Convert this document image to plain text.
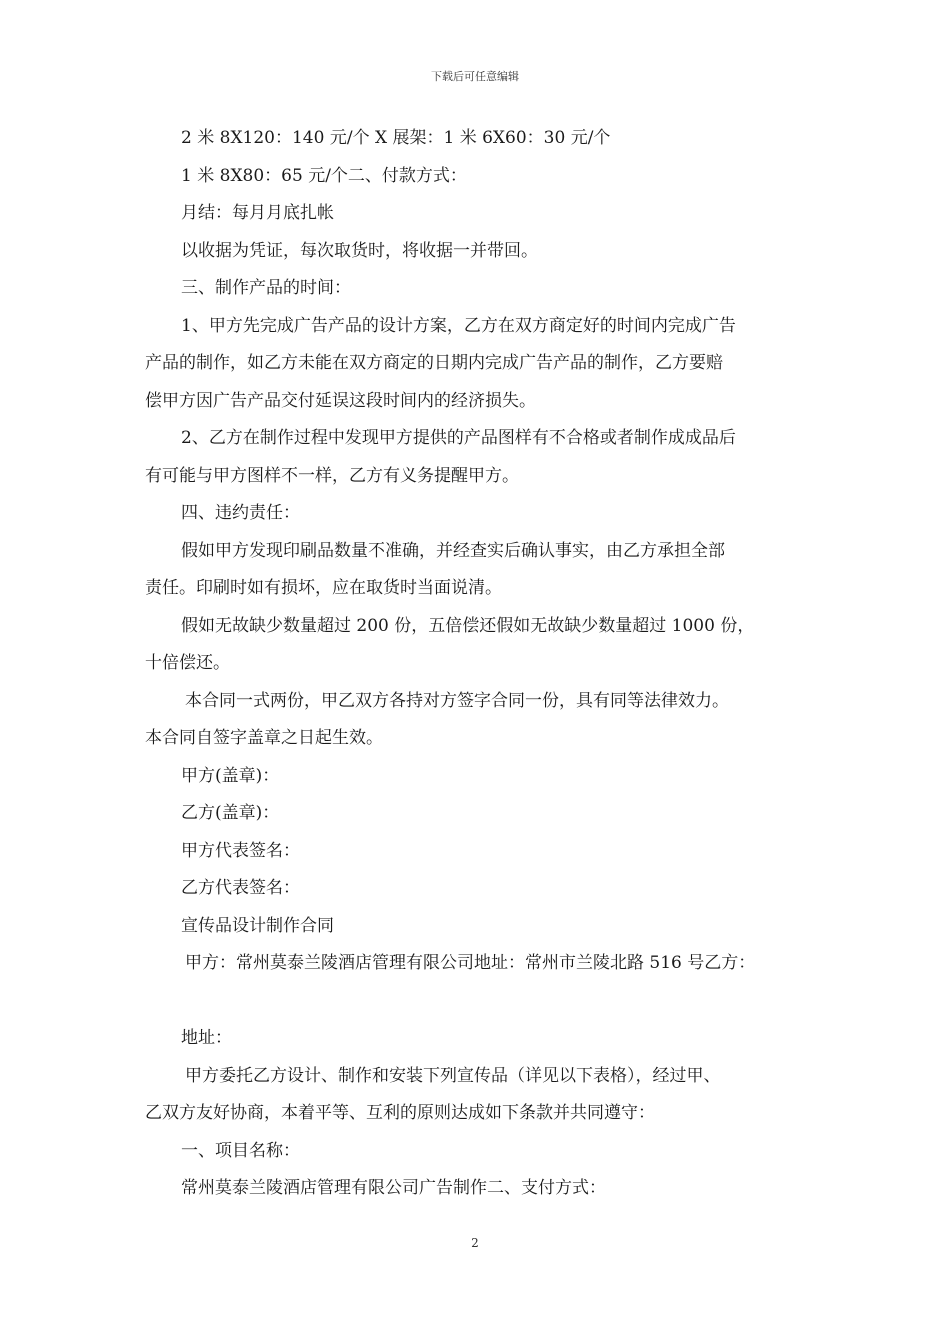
下载后可任意编辑

2 米 8X120：140 元/个 X 展架：1 米 6X60：30 元/个

1 米 8X80：65 元/个二、付款方式：

月结：每月月底扎帐

以收据为凭证，每次取货时，将收据一并带回。

三、制作产品的时间：

1、甲方先完成广告产品的设计方案，乙方在双方商定好的时间内完成广告

产品的制作，如乙方未能在双方商定的日期内完成广告产品的制作，乙方要赔

偿甲方因广告产品交付延误这段时间内的经济损失。

2、乙方在制作过程中发现甲方提供的产品图样有不合格或者制作成成品后

有可能与甲方图样不一样，乙方有义务提醒甲方。

四、违约责任：

假如甲方发现印刷品数量不准确，并经查实后确认事实，由乙方承担全部

责任。印刷时如有损坏，应在取货时当面说清。

假如无故缺少数量超过 200 份，五倍偿还假如无故缺少数量超过 1000 份，

十倍偿还。

本合同一式两份，甲乙双方各持对方签字合同一份，具有同等法律效力。

本合同自签字盖章之日起生效。

甲方(盖章)：

乙方(盖章)：

甲方代表签名：

乙方代表签名：

宣传品设计制作合同

甲方：常州莫泰兰陵酒店管理有限公司地址：常州市兰陵北路 516 号乙方：

地址：

甲方委托乙方设计、制作和安装下列宣传品（详见以下表格），经过甲、

乙双方友好协商，本着平等、互利的原则达成如下条款并共同遵守：

一、项目名称：

常州莫泰兰陵酒店管理有限公司广告制作二、支付方式：

2
